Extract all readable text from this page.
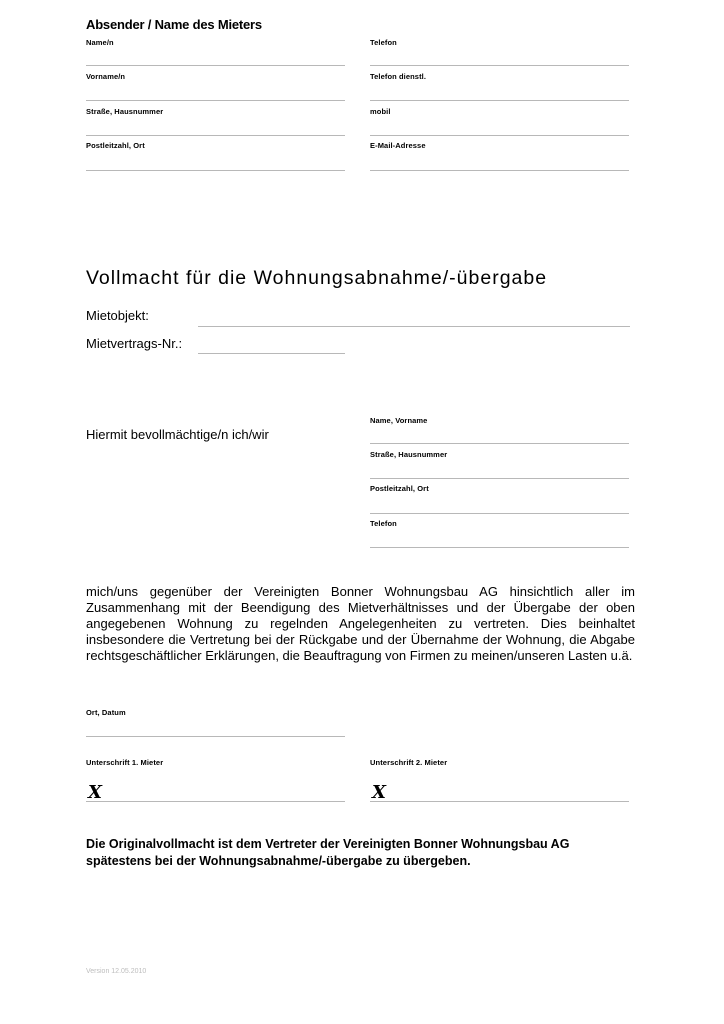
Absender / Name des Mieters
Name/n
Vorname/n
Straße, Hausnummer
Postleitzahl, Ort
Telefon
Telefon dienstl.
mobil
E-Mail-Adresse
Vollmacht für die Wohnungsabnahme/-übergabe
Mietobjekt:
Mietvertrags-Nr.:
Hiermit bevollmächtige/n ich/wir
Name, Vorname
Straße, Hausnummer
Postleitzahl, Ort
Telefon
mich/uns gegenüber der Vereinigten Bonner Wohnungsbau AG hinsichtlich aller im Zusammenhang mit der Beendigung des Mietverhältnisses und der Übergabe der oben angegebenen Wohnung zu regelnden Angelegenheiten zu vertreten. Dies beinhaltet insbesondere die Vertretung bei der Rückgabe und der Übernahme der Wohnung, die Abgabe rechtsgeschäftlicher Erklärungen, die Beauftragung von Firmen zu meinen/unseren Lasten u.ä.
Ort, Datum
Unterschrift 1. Mieter
X
Unterschrift 2. Mieter
X
Die Originalvollmacht ist dem Vertreter der Vereinigten Bonner Wohnungsbau AG
spätestens bei der Wohnungsabnahme/-übergabe zu übergeben.
Version 12.05.2010
